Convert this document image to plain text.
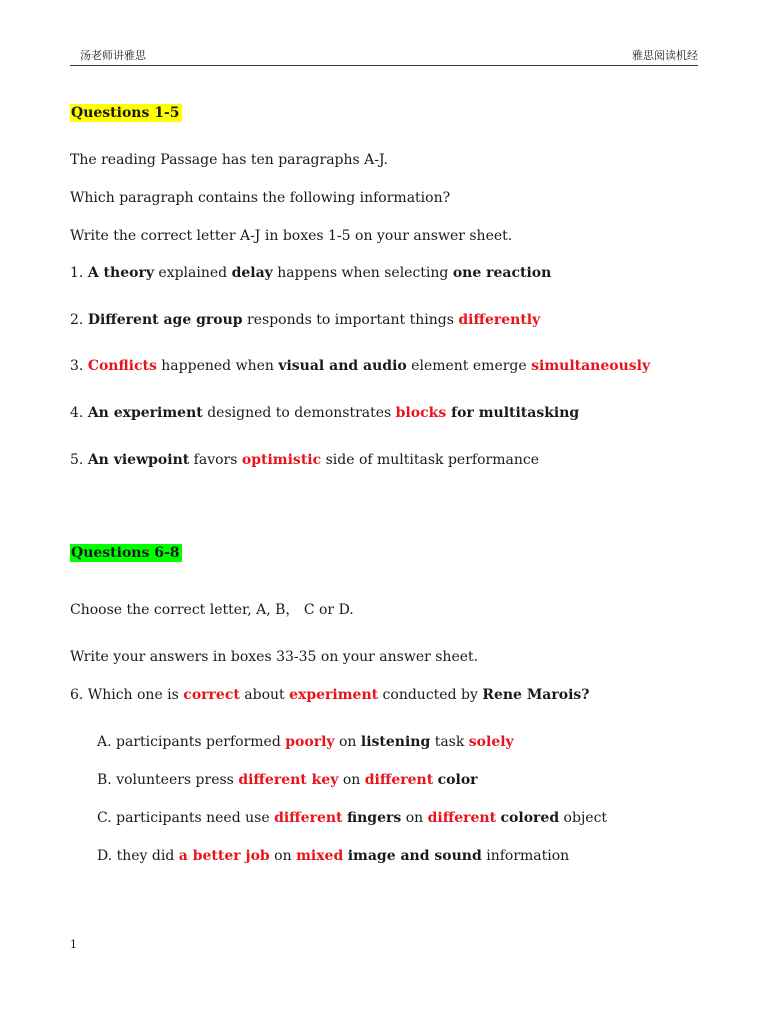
汤老师讲雅思	雅思阅读机经
Questions 1-5
The reading Passage has ten paragraphs A-J.
Which paragraph contains the following information?
Write the correct letter A-J in boxes 1-5 on your answer sheet.
1. A theory explained delay happens when selecting one reaction
2. Different age group responds to important things differently
3. Conflicts happened when visual and audio element emerge simultaneously
4. An experiment designed to demonstrates blocks for multitasking
5. An viewpoint favors optimistic side of multitask performance
Questions 6-8
Choose the correct letter, A, B， C or D.
Write your answers in boxes 33-35 on your answer sheet.
6. Which one is correct about experiment conducted by Rene Marois?
A. participants performed poorly on listening task solely
B. volunteers press different key on different color
C. participants need use different fingers on different colored object
D. they did a better job on mixed image and sound information
1
